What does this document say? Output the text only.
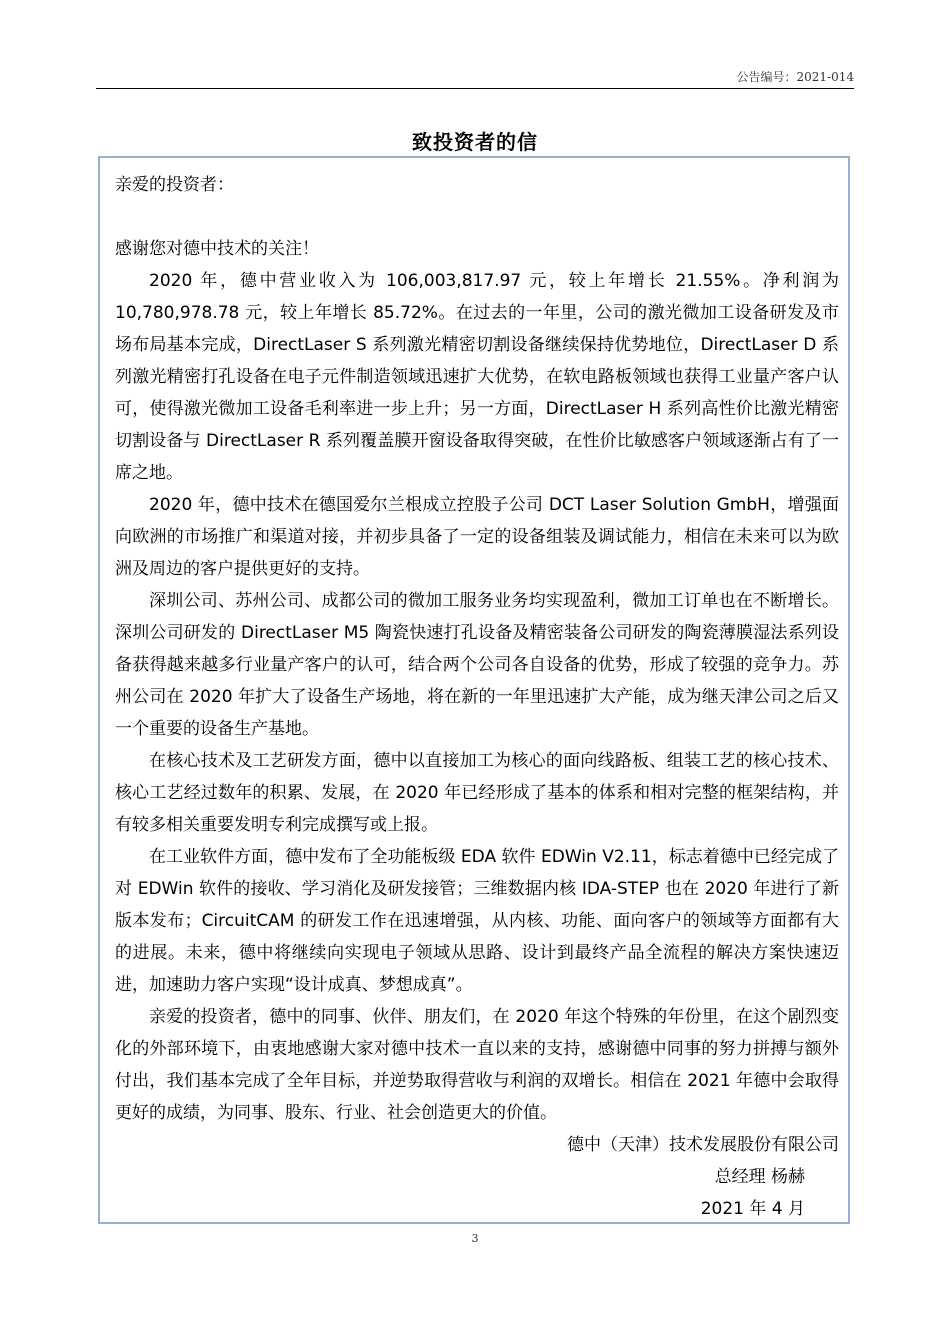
公告编号：2021-014
致投资者的信

亲爱的投资者：

感谢您对德中技术的关注！

2020 年，德中营业收入为 106,003,817.97 元，较上年增长 21.55%。净利润为 10,780,978.78 元，较上年增长 85.72%。在过去的一年里，公司的激光微加工设备研发及市场布局基本完成，DirectLaser S 系列激光精密切割设备继续保持优势地位，DirectLaser D 系列激光精密打孔设备在电子元件制造领域迅速扩大优势，在软电路板领域也获得工业量产客户认可，使得激光微加工设备毛利率进一步上升；另一方面，DirectLaser H 系列高性价比激光精密切割设备与 DirectLaser R 系列覆盖膜开窗设备取得突破，在性价比敏感客户领域逐渐占有了一席之地。

2020 年，德中技术在德国爱尔兰根成立控股子公司 DCT Laser Solution GmbH，增强面向欧洲的市场推广和渠道对接，并初步具备了一定的设备组装及调试能力，相信在未来可以为欧洲及周边的客户提供更好的支持。

深圳公司、苏州公司、成都公司的微加工服务业务均实现盈利，微加工订单也在不断增长。深圳公司研发的 DirectLaser M5 陶瓷快速打孔设备及精密装备公司研发的陶瓷薄膜湿法系列设备获得越来越多行业量产客户的认可，结合两个公司各自设备的优势，形成了较强的竞争力。苏州公司在 2020 年扩大了设备生产场地，将在新的一年里迅速扩大产能，成为继天津公司之后又一个重要的设备生产基地。

在核心技术及工艺研发方面，德中以直接加工为核心的面向线路板、组装工艺的核心技术、核心工艺经过数年的积累、发展，在 2020 年已经形成了基本的体系和相对完整的框架结构，并有较多相关重要发明专利完成撰写或上报。

在工业软件方面，德中发布了全功能板级 EDA 软件 EDWin V2.11，标志着德中已经完成了对 EDWin 软件的接收、学习消化及研发接管；三维数据内核 IDA-STEP 也在 2020 年进行了新版本发布；CircuitCAM 的研发工作在迅速增强，从内核、功能、面向客户的领域等方面都有大的进展。未来，德中将继续向实现电子领域从思路、设计到最终产品全流程的解决方案快速迈进，加速助力客户实现“设计成真、梦想成真”。

亲爱的投资者，德中的同事、伙伴、朋友们，在 2020 年这个特殊的年份里，在这个剧烈变化的外部环境下，由衷地感谢大家对德中技术一直以来的支持，感谢德中同事的努力拼搏与额外付出，我们基本完成了全年目标，并逆势取得营收与利润的双增长。相信在 2021 年德中会取得更好的成绩，为同事、股东、行业、社会创造更大的价值。

德中（天津）技术发展股份有限公司

总经理 杨赫

2021 年 4 月

3
